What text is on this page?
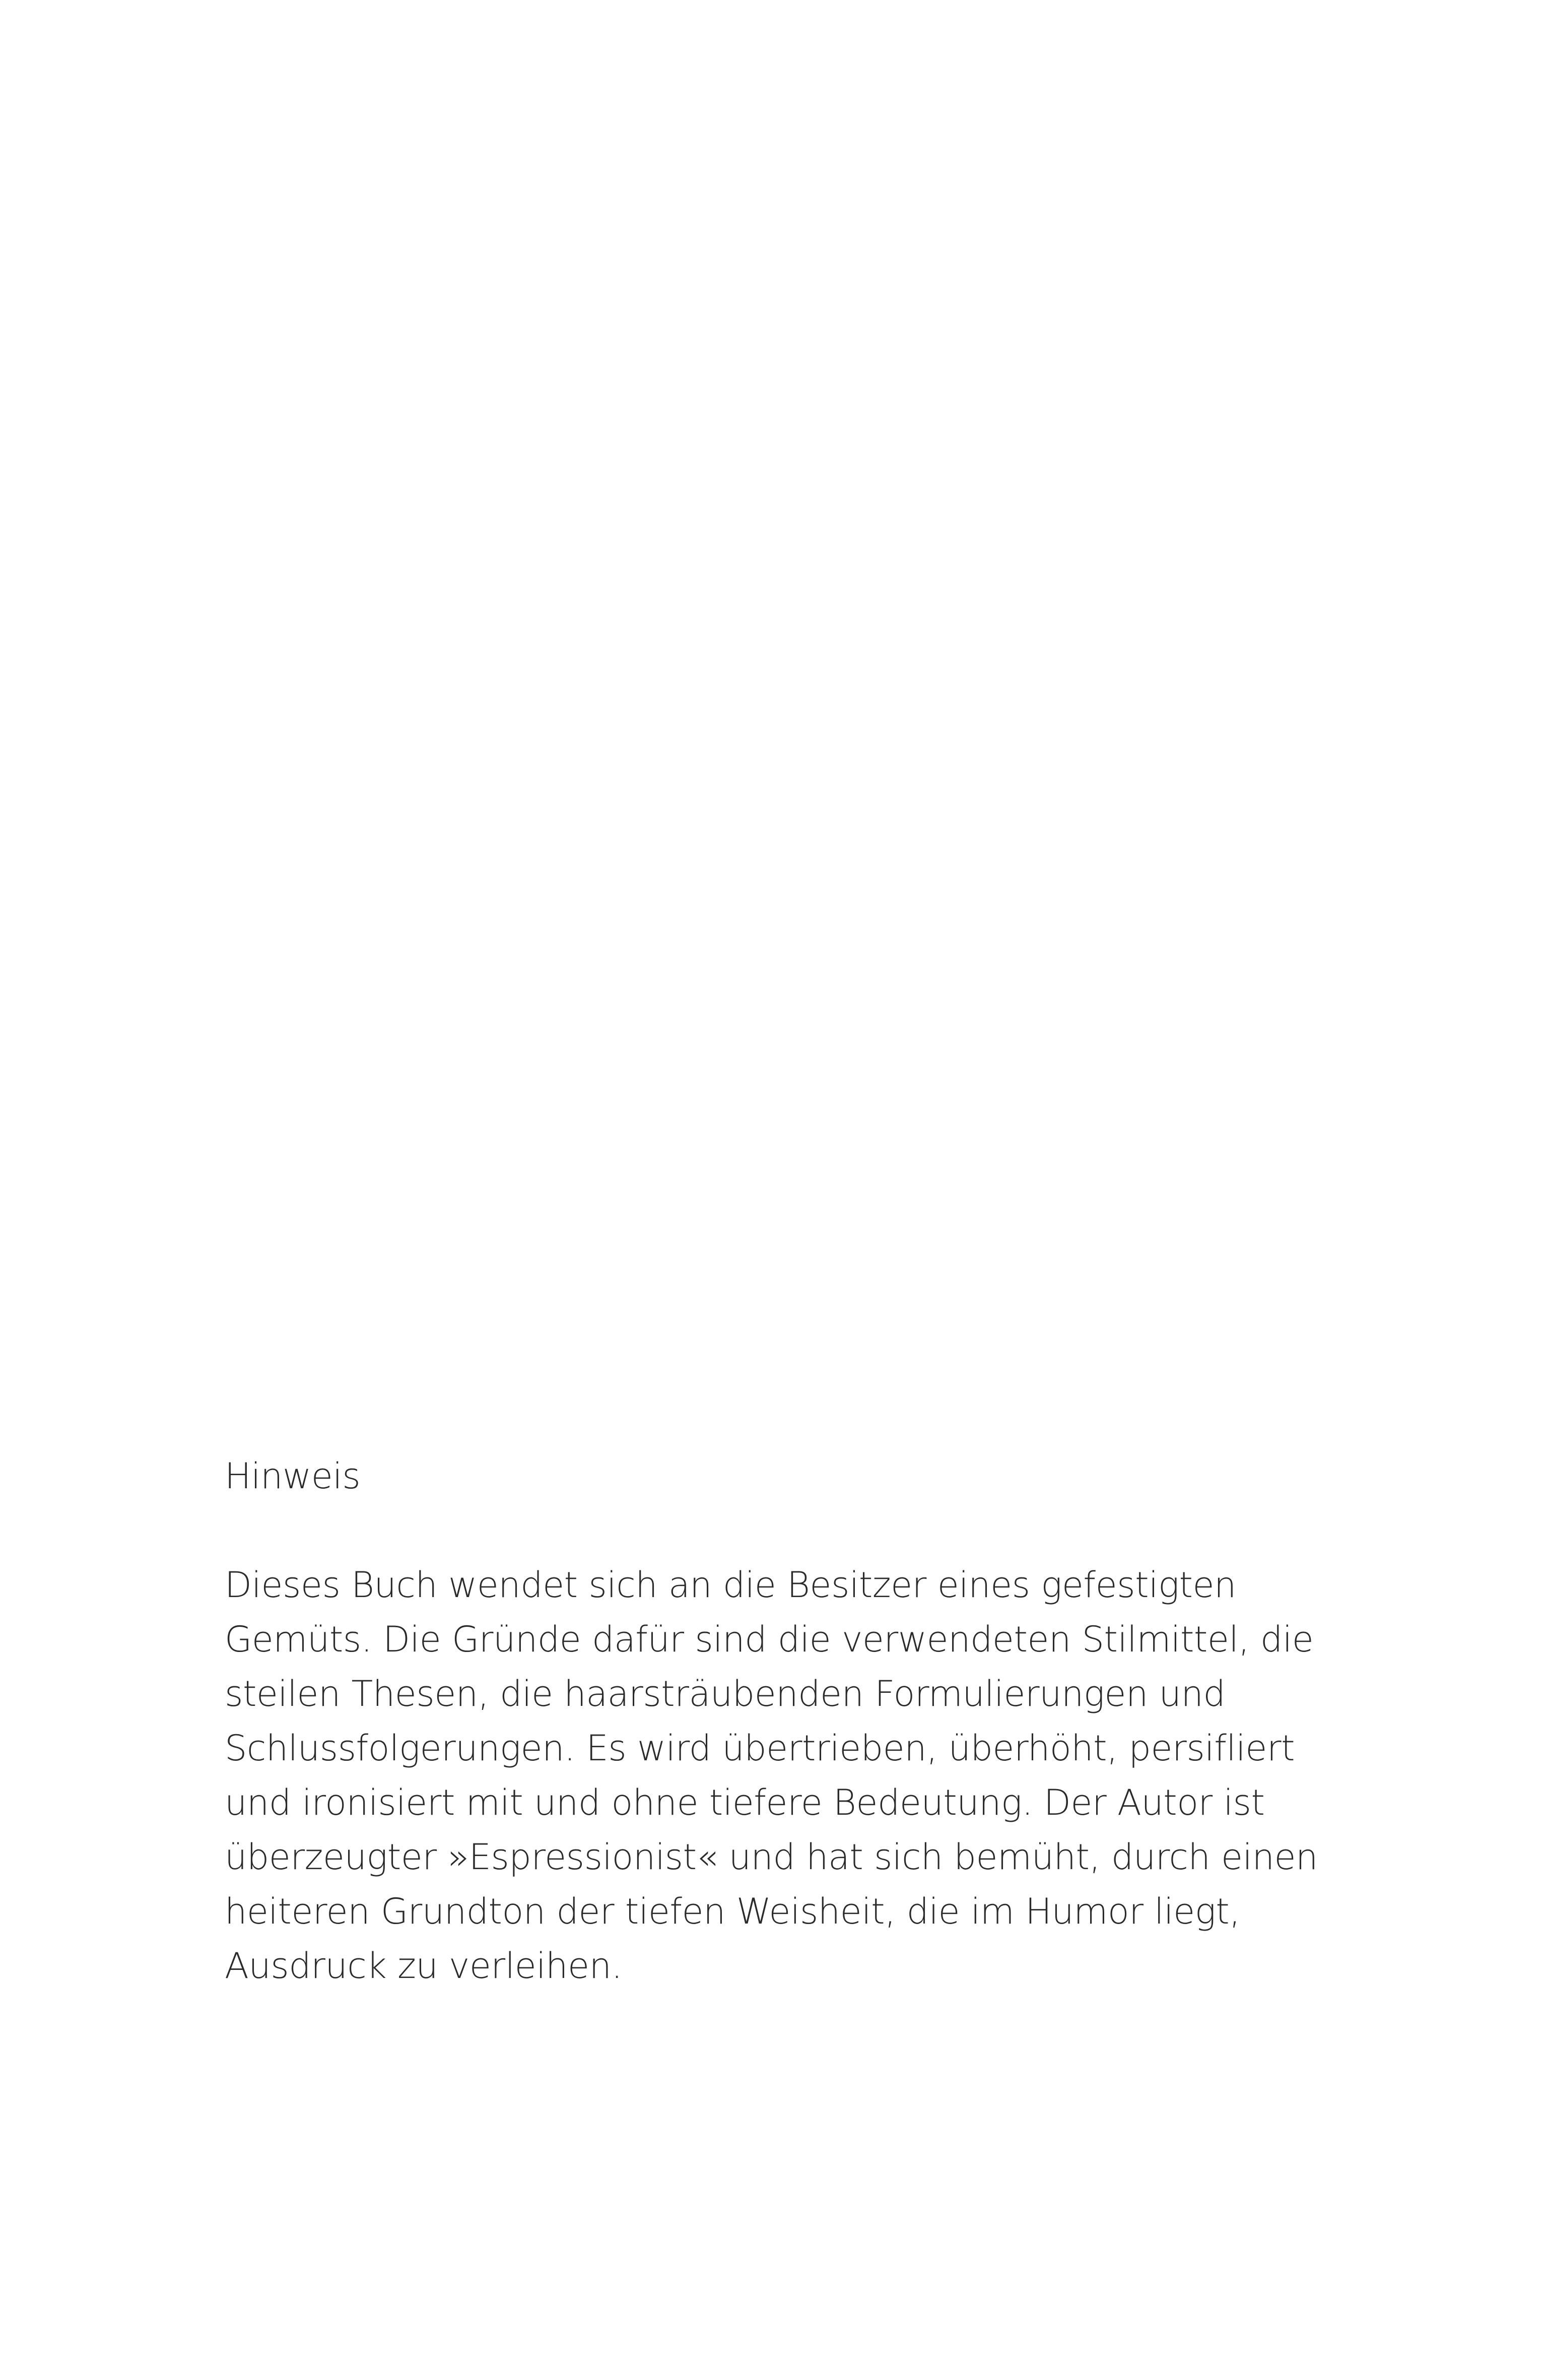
Hinweis
Dieses Buch wendet sich an die Besitzer eines gefestigten
Gemüts. Die Gründe dafür sind die verwendeten Stilmittel, die
steilen Thesen, die haarsträubenden Formulierungen und
Schlussfolgerungen. Es wird übertrieben, überhöht, persifliert
und ironisiert mit und ohne tiefere Bedeutung. Der Autor ist
überzeugter »Espressionist« und hat sich bemüht, durch einen
heiteren Grundton der tiefen Weisheit, die im Humor liegt,
Ausdruck zu verleihen.
